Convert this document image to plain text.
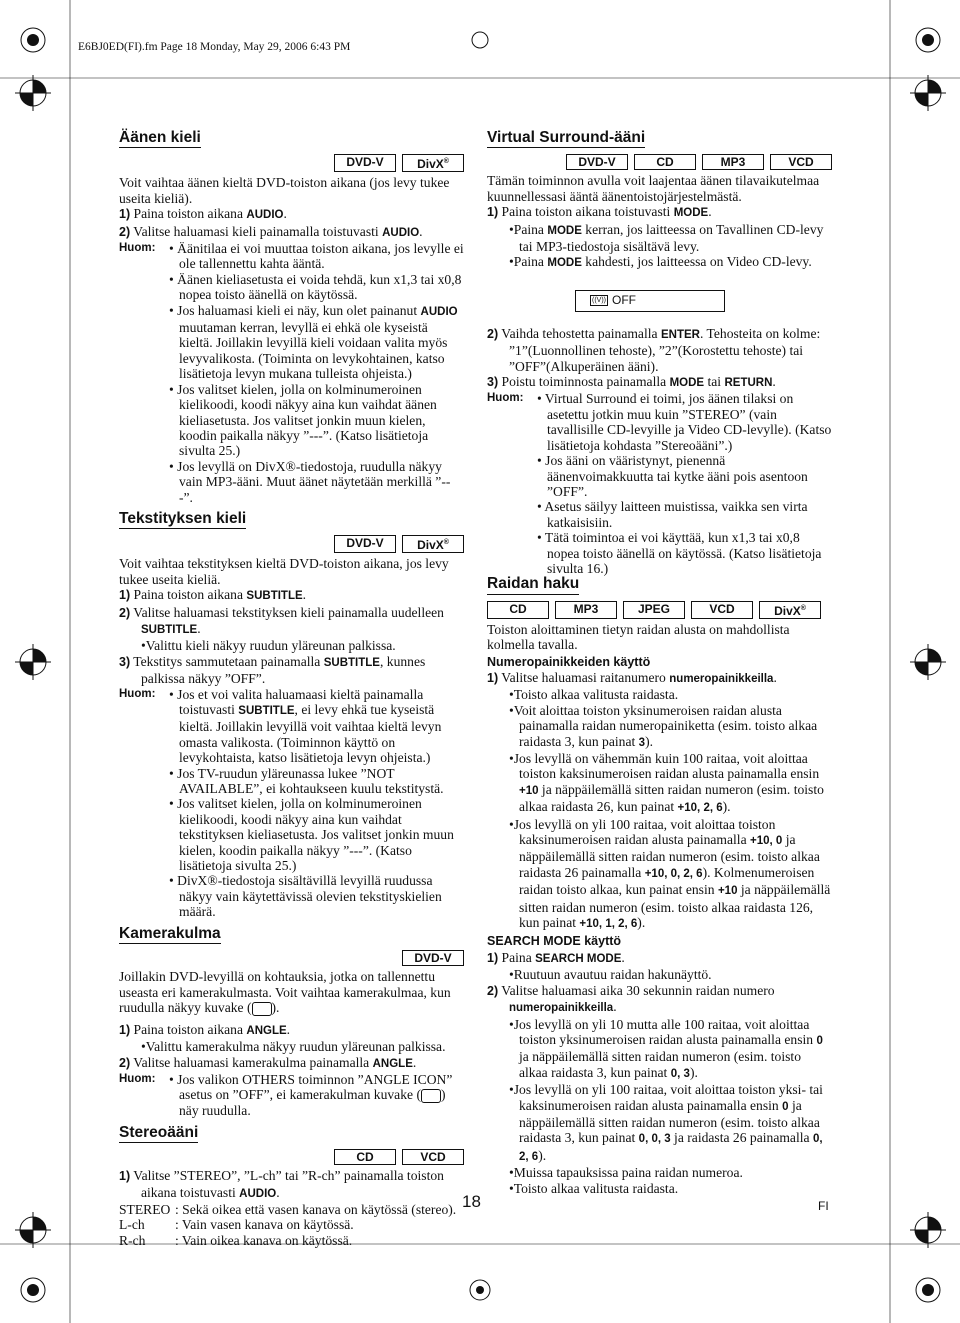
E6BJ0ED(FI).fm Page 18 Monday, May 29, 2006 6:43 PM
Äänen kieli
DVD-V	DivX®

Voit vaihtaa äänen kieltä DVD-toiston aikana (jos levy tukee useita kieliä).

1) Paina toiston aikana AUDIO.

2) Valitse haluamasi kieli painamalla toistuvasti AUDIO.

Huom: • Äänitilaa ei voi muuttaa toiston aikana, jos levylle ei ole tallennettu kahta ääntä.

• Äänen kieliasetusta ei voida tehdä, kun x1,3 tai x0,8 nopea toisto äänellä on käytössä.

• Jos haluamasi kieli ei näy, kun olet painanut AUDIO muutaman kerran, levyllä ei ehkä ole kyseistä kieltä. Joillakin levyillä kieli voidaan valita myös levyvalikosta. (Toiminta on levykohtainen, katso lisätietoja levyn mukana tulleista ohjeista.)

• Jos valitset kielen, jolla on kolminumeroinen kielikoodi, koodi näkyy aina kun vaihdat äänen kieliasetusta. Jos valitset jonkin muun kielen, koodin paikalla näkyy ”---”. (Katso lisätietoja sivulta 25.)

• Jos levyllä on DivX®-tiedostoja, ruudulla näkyy vain MP3-ääni. Muut äänet näytetään merkillä ”---”.

Tekstityksen kieli
DVD-V	DivX®

Voit vaihtaa tekstityksen kieltä DVD-toiston aikana, jos levy tukee useita kieliä.

1) Paina toiston aikana SUBTITLE.

2) Valitse haluamasi tekstityksen kieli painamalla uudelleen SUBTITLE.

•Valittu kieli näkyy ruudun yläreunan palkissa.

3) Tekstitys sammutetaan painamalla SUBTITLE, kunnes palkissa näkyy ”OFF”.

Huom: • Jos et voi valita haluamaasi kieltä painamalla toistuvasti SUBTITLE, ei levy ehkä tue kyseistä kieltä. Joillakin levyillä voit vaihtaa kieltä levyn omasta valikosta. (Toiminnon käyttö on levykohtaista, katso lisätietoja levyn ohjeista.)

• Jos TV-ruudun yläreunassa lukee ”NOT AVAILABLE”, ei kohtaukseen kuulu tekstitystä.

• Jos valitset kielen, jolla on kolminumeroinen kielikoodi, koodi näkyy aina kun vaihdat tekstityksen kieliasetusta. Jos valitset jonkin muun kielen, koodin paikalla näkyy ”---”. (Katso lisätietoja sivulta 25.)

• DivX®-tiedostoja sisältävillä levyillä ruudussa näkyy vain käytettävissä olevien tekstityskielien määrä.

Kamerakulma
DVD-V

Joillakin DVD-levyillä on kohtauksia, jotka on tallennettu useasta eri kamerakulmasta. Voit vaihtaa kamerakulmaa, kun ruudulla näkyy kuvake ( ).

1) Paina toiston aikana ANGLE.

•Valittu kamerakulma näkyy ruudun yläreunan palkissa.

2) Valitse haluamasi kamerakulma painamalla ANGLE.

Huom: • Jos valikon OTHERS toiminnon ”ANGLE ICON” asetus on ”OFF”, ei kamerakulman kuvake ( ) näy ruudulla.

Stereoääni
CD	VCD

1) Valitse ”STEREO”, ”L-ch” tai ”R-ch” painamalla toiston aikana toistuvasti AUDIO.

STEREO : Sekä oikea että vasen kanava on käytössä (stereo).
L-ch	: Vain vasen kanava on käytössä.
R-ch	: Vain oikea kanava on käytössä.
Virtual Surround-ääni
DVD-V	CD	MP3	VCD

Tämän toiminnon avulla voit laajentaa äänen tilavaikutelmaa kuunnellessasi ääntä äänentoistojärjestelmästä.

1) Paina toiston aikana toistuvasti MODE.

•Paina MODE kerran, jos laitteessa on Tavallinen CD-levy tai MP3-tiedostoja sisältävä levy.

•Paina MODE kahdesti, jos laitteessa on Video CD-levy.

((V)) OFF

2) Vaihda tehostetta painamalla ENTER. Tehosteita on kolme: ”1”(Luonnollinen tehoste), ”2”(Korostettu tehoste) tai ”OFF”(Alkuperäinen ääni).

3) Poistu toiminnosta painamalla MODE tai RETURN.

Huom: • Virtual Surround ei toimi, jos äänen tilaksi on asetettu jotkin muu kuin ”STEREO” (vain tavallisille CD-levyille ja Video CD-levylle). (Katso lisätietoja kohdasta ”Stereoääni”.)

• Jos ääni on vääristynyt, pienennä äänenvoimakkuutta tai kytke ääni pois asentoon ”OFF”.

• Asetus säilyy laitteen muistissa, vaikka sen virta katkaisisiin.

• Tätä toimintoa ei voi käyttää, kun x1,3 tai x0,8 nopea toisto äänellä on käytössä. (Katso lisätietoja sivulta 16.)

Raidan haku
CD	MP3	JPEG	VCD	DivX®

Toiston aloittaminen tietyn raidan alusta on mahdollista kolmella tavalla.

Numeropainikkeiden käyttö

1) Valitse haluamasi raitanumero numeropainikkeilla.

•Toisto alkaa valitusta raidasta.

•Voit aloittaa toiston yksinumeroisen raidan alusta painamalla raidan numeropainiketta (esim. toisto alkaa raidasta 3, kun painat 3).

•Jos levyllä on vähemmän kuin 100 raitaa, voit aloittaa toiston kaksinumeroisen raidan alusta painamalla ensin +10 ja näppäilemällä sitten raidan numeron (esim. toisto alkaa raidasta 26, kun painat +10, 2, 6).

•Jos levyllä on yli 100 raitaa, voit aloittaa toiston kaksinumeroisen raidan alusta painamalla +10, 0 ja näppäilemällä sitten raidan numeron (esim. toisto alkaa raidasta 26 painamalla +10, 0, 2, 6). Kolmenumeroisen raidan toisto alkaa, kun painat ensin +10 ja näppäilemällä sitten raidan numeron (esim. toisto alkaa raidasta 126, kun painat +10, 1, 2, 6).

SEARCH MODE käyttö

1) Paina SEARCH MODE.

•Ruutuun avautuu raidan hakunäyttö.

2) Valitse haluamasi aika 30 sekunnin raidan numero numeropainikkeilla.

•Jos levyllä on yli 10 mutta alle 100 raitaa, voit aloittaa toiston yksinumeroisen raidan alusta painamalla ensin 0 ja näppäilemällä sitten raidan numeron (esim. toisto alkaa raidasta 3, kun painat 0, 3).

•Jos levyllä on yli 100 raitaa, voit aloittaa toiston yksi- tai kaksinumeroisen raidan alusta painamalla ensin 0 ja näppäilemällä sitten raidan numeron (esim. toisto alkaa raidasta 3, kun painat 0, 0, 3 ja raidasta 26 painamalla 0, 2, 6).

•Muissa tapauksissa paina raidan numeroa.

•Toisto alkaa valitusta raidasta.

18	FI
